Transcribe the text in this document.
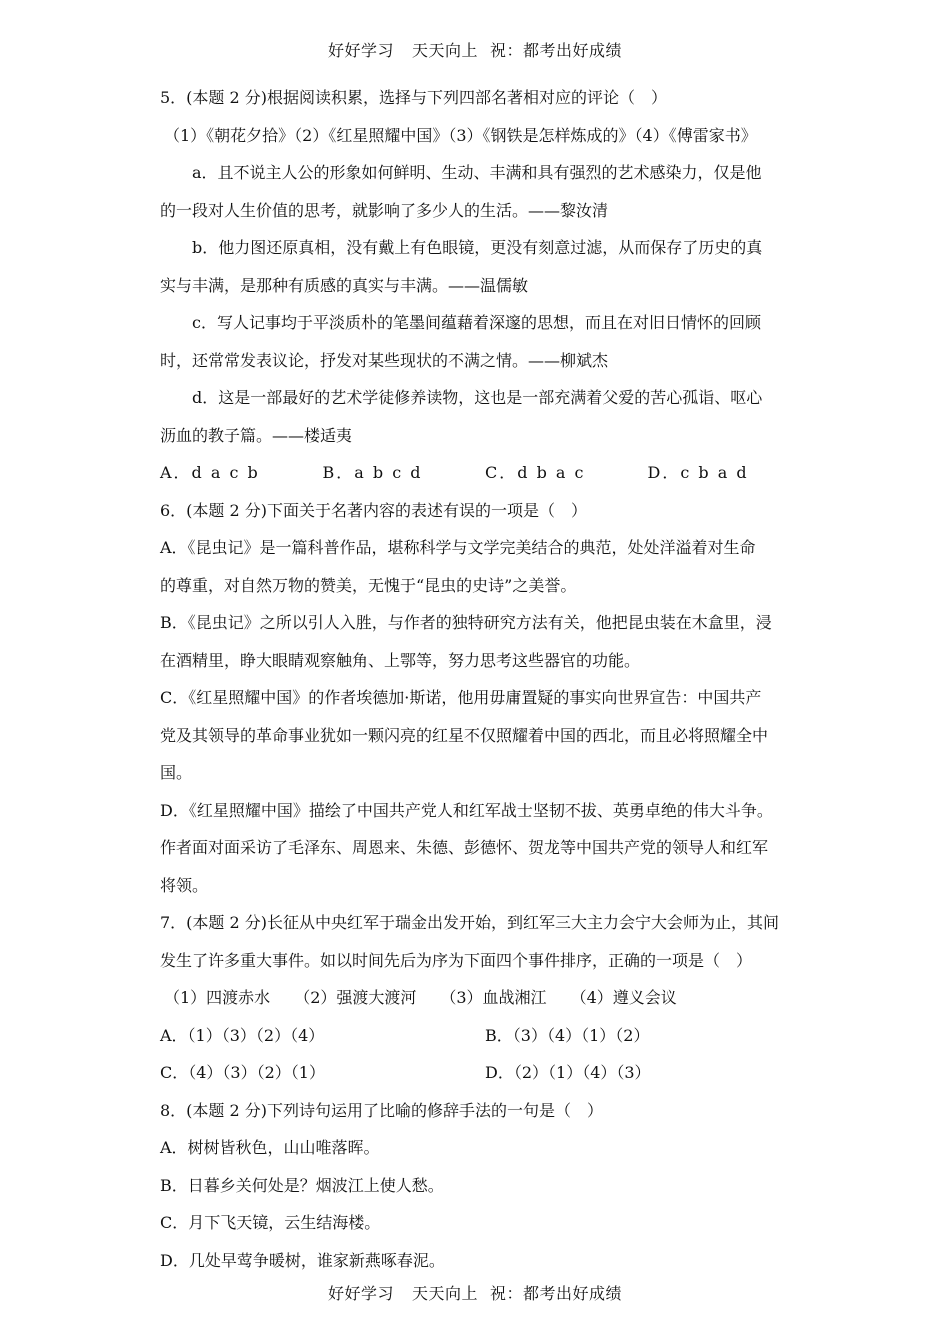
好好学习 天天向上 祝：都考出好成绩
5．(本题 2 分)根据阅读积累，选择与下列四部名著相对应的评论（　）
（1）《朝花夕拾》（2）《红星照耀中国》（3）《钢铁是怎样炼成的》（4）《傅雷家书》
a．且不说主人公的形象如何鲜明、生动、丰满和具有强烈的艺术感染力，仅是他
的一段对人生价值的思考，就影响了多少人的生活。——黎汝清
b．他力图还原真相，没有戴上有色眼镜，更没有刻意过滤，从而保存了历史的真
实与丰满，是那种有质感的真实与丰满。——温儒敏
c．写人记事均于平淡质朴的笔墨间蕴藉着深邃的思想，而且在对旧日情怀的回顾
时，还常常发表议论，抒发对某些现状的不满之情。——柳斌杰
d．这是一部最好的艺术学徒修养读物，这也是一部充满着父爱的苦心孤诣、呕心
沥血的教子篇。——楼适夷
A．d a c b	B．a b c d	C．d b a c	D．c b a d
6．(本题 2 分)下面关于名著内容的表述有误的一项是（　）
A．《昆虫记》是一篇科普作品，堪称科学与文学完美结合的典范，处处洋溢着对生命
的尊重，对自然万物的赞美，无愧于“昆虫的史诗”之美誉。
B．《昆虫记》之所以引人入胜，与作者的独特研究方法有关，他把昆虫装在木盒里，浸
在酒精里，睁大眼睛观察触角、上鄂等，努力思考这些器官的功能。
C．《红星照耀中国》的作者埃德加·斯诺，他用毋庸置疑的事实向世界宣告：中国共产
党及其领导的革命事业犹如一颗闪亮的红星不仅照耀着中国的西北，而且必将照耀全中
国。
D．《红星照耀中国》描绘了中国共产党人和红军战士坚韧不拔、英勇卓绝的伟大斗争。
作者面对面采访了毛泽东、周恩来、朱德、彭德怀、贺龙等中国共产党的领导人和红军
将领。
7．(本题 2 分)长征从中央红军于瑞金出发开始，到红军三大主力会宁大会师为止，其间
发生了许多重大事件。如以时间先后为序为下面四个事件排序，正确的一项是（　）
（1）四渡赤水 （2）强渡大渡河 （3）血战湘江 （4）遵义会议
A．（1）（3）（2）（4）	B．（3）（4）（1）（2）
C．（4）（3）（2）（1）	D．（2）（1）（4）（3）
8．(本题 2 分)下列诗句运用了比喻的修辞手法的一句是（　）
A．树树皆秋色，山山唯落晖。
B．日暮乡关何处是？烟波江上使人愁。
C．月下飞天镜，云生结海楼。
D．几处早莺争暖树，谁家新燕啄春泥。
好好学习 天天向上 祝：都考出好成绩
